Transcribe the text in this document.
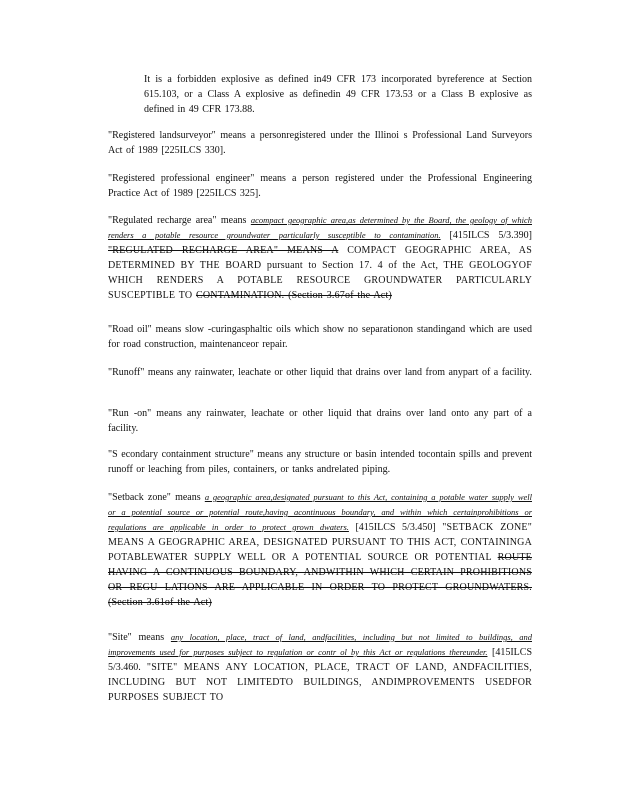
It is a forbidden explosive as defined in49 CFR 173 incorporated byreference at Section 615.103, or a Class A explosive as definedin 49 CFR 173.53 or a Class B explosive as defined in 49 CFR 173.88.
"Registered landsurveyor" means a personregistered under the Illinoi s Professional Land Surveyors Act of 1989 [225ILCS 330].
"Registered professional engineer" means a person registered under the Professional Engineering Practice Act of 1989 [225ILCS 325].
"Regulated recharge area" means acompact geographic area,as determined by the Board, the geology of which renders a potable resource groundwater particularly susceptible to contamination. [415ILCS 5/3.390] "REGULATED RECHARGE AREA" MEANS A COMPACT GEOGRAPHIC AREA, AS DETERMINED BY THE BOARD pursuant to Section 17. 4 of the Act, THE GEOLOGYOF WHICH RENDERS A POTABLE RESOURCE GROUNDWATER PARTICULARLY SUSCEPTIBLE TO CONTAMINATION. (Section 3.67of the Act)
"Road oil" means slow -curingasphaltic oils which show no separationon standingand which are used for road construction, maintenanceor repair.
"Runoff" means any rainwater, leachate or other liquid that drains over land from anypart of a facility.
"Run -on" means any rainwater, leachate or other liquid that drains over land onto any part of a facility.
"S econdary containment structure" means any structure or basin intended tocontain spills and prevent runoff or leaching from piles, containers, or tanks andrelated piping.
"Setback zone" means a geographic area,designated pursuant to this Act, containing a potable water supply well or a potential source or potential route,having acontinuous boundary, and within which certainprohibitions or regulations are applicable in order to protect grown dwaters. [415ILCS 5/3.450] "SETBACK ZONE" MEANS A GEOGRAPHIC AREA, DESIGNATED PURSUANT TO THIS ACT, CONTAININGA POTABLEWATER SUPPLY WELL OR A POTENTIAL SOURCE OR POTENTIAL ROUTE HAVING A CONTINUOUS BOUNDARY, ANDWITHIN WHICH CERTAIN PROHIBITIONS OR REGU LATIONS ARE APPLICABLE IN ORDER TO PROTECT GROUNDWATERS.(Section 3.61of the Act)
"Site" means any location, place, tract of land, andfacilities, including but not limited to buildings, and improvements used for purposes subject to regulation or contr ol by this Act or regulations thereunder. [415ILCS 5/3.460. "SITE" MEANS ANY LOCATION, PLACE, TRACT OF LAND, ANDFACILITIES, INCLUDING BUT NOT LIMITEDTO BUILDINGS, ANDIMPROVEMENTS USEDFOR PURPOSES SUBJECT TO
